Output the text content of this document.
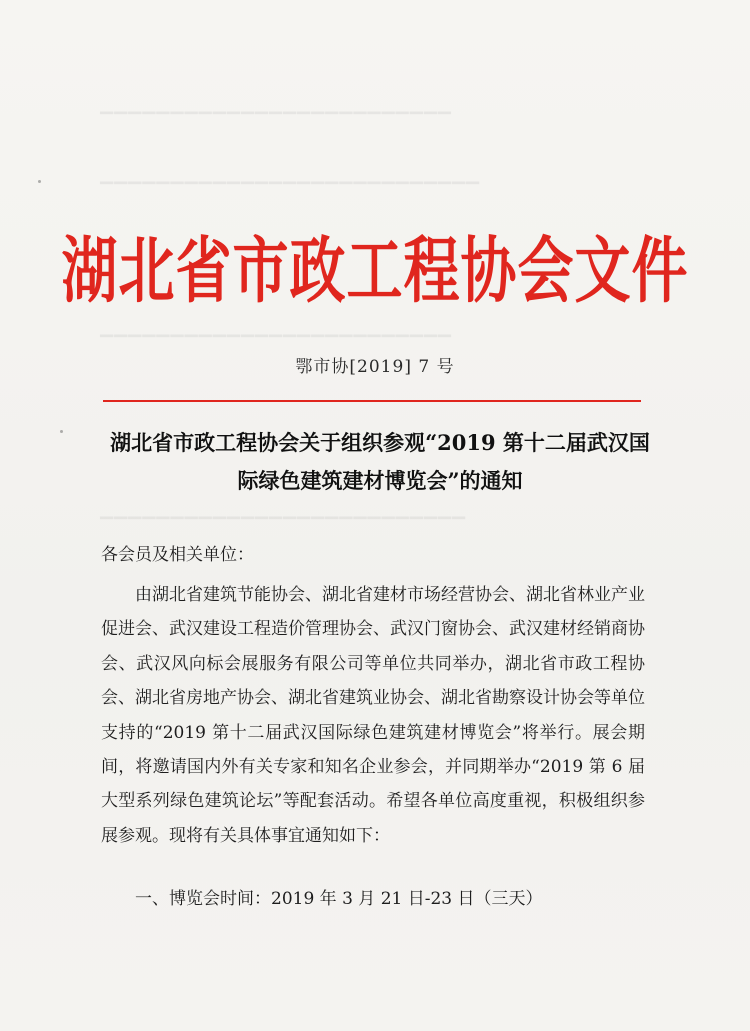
▁▁▁▁▁▁▁▁▁▁▁▁▁▁▁▁▁▁▁▁▁▁▁▁▁
▁▁▁▁▁▁▁▁▁▁▁▁▁▁▁▁▁▁▁▁▁▁▁▁▁▁▁
▁▁▁▁▁▁▁▁▁▁▁▁▁▁▁▁▁▁▁▁▁▁▁▁▁
▁▁▁▁▁▁▁▁▁▁▁▁▁▁▁▁▁▁▁▁▁▁▁▁▁▁
湖北省市政工程协会文件
鄂市协[2019] 7 号
湖北省市政工程协会关于组织参观“2019 第十二届武汉国
际绿色建筑建材博览会”的通知
各会员及相关单位：

由湖北省建筑节能协会、湖北省建材市场经营协会、湖北省林业产业促进会、武汉建设工程造价管理协会、武汉门窗协会、武汉建材经销商协会、武汉风向标会展服务有限公司等单位共同举办，湖北省市政工程协会、湖北省房地产协会、湖北省建筑业协会、湖北省勘察设计协会等单位支持的“2019 第十二届武汉国际绿色建筑建材博览会”将举行。展会期间，将邀请国内外有关专家和知名企业参会，并同期举办“2019 第 6 届大型系列绿色建筑论坛”等配套活动。希望各单位高度重视，积极组织参展参观。现将有关具体事宜通知如下：

一、博览会时间：2019 年 3 月 21 日-23 日（三天）
